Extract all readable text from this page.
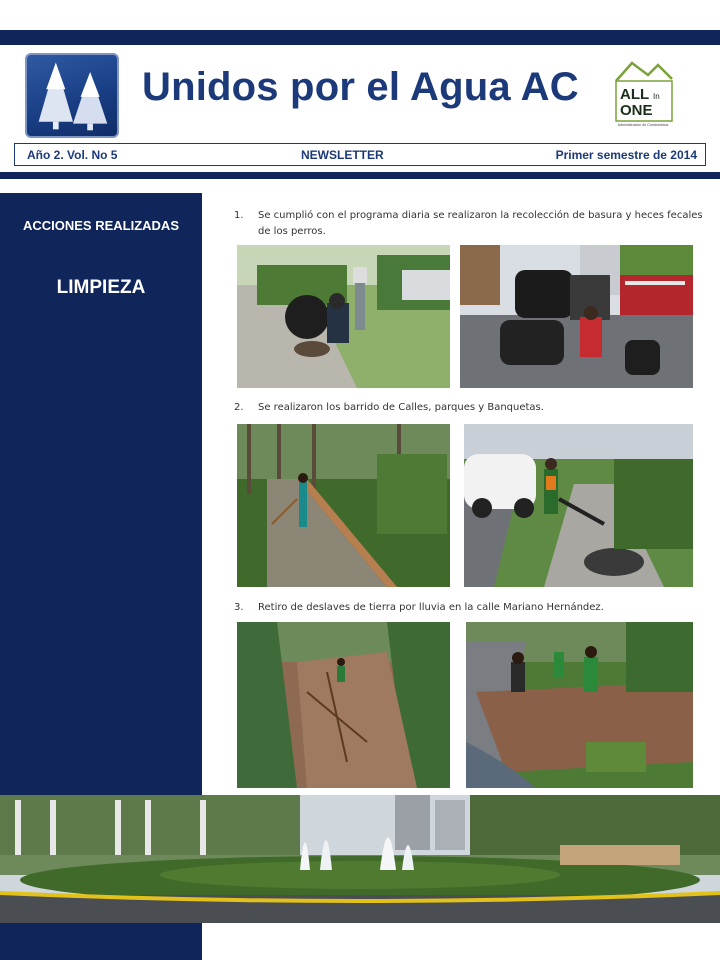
Unidos por el Agua AC	ALL In
ONE
Administración de Condominios
Año 2. Vol. No 5	NEWSLETTER	Primer semestre de 2014
ACCIONES REALIZADAS
LIMPIEZA
1.	Se cumplió con el programa diaria se realizaron la recolección de basura y heces fecales de los perros.
2.	Se realizaron los barrido de Calles, parques y Banquetas.
3.	Retiro de deslaves de tierra por lluvia en la calle Mariano Hernández.
